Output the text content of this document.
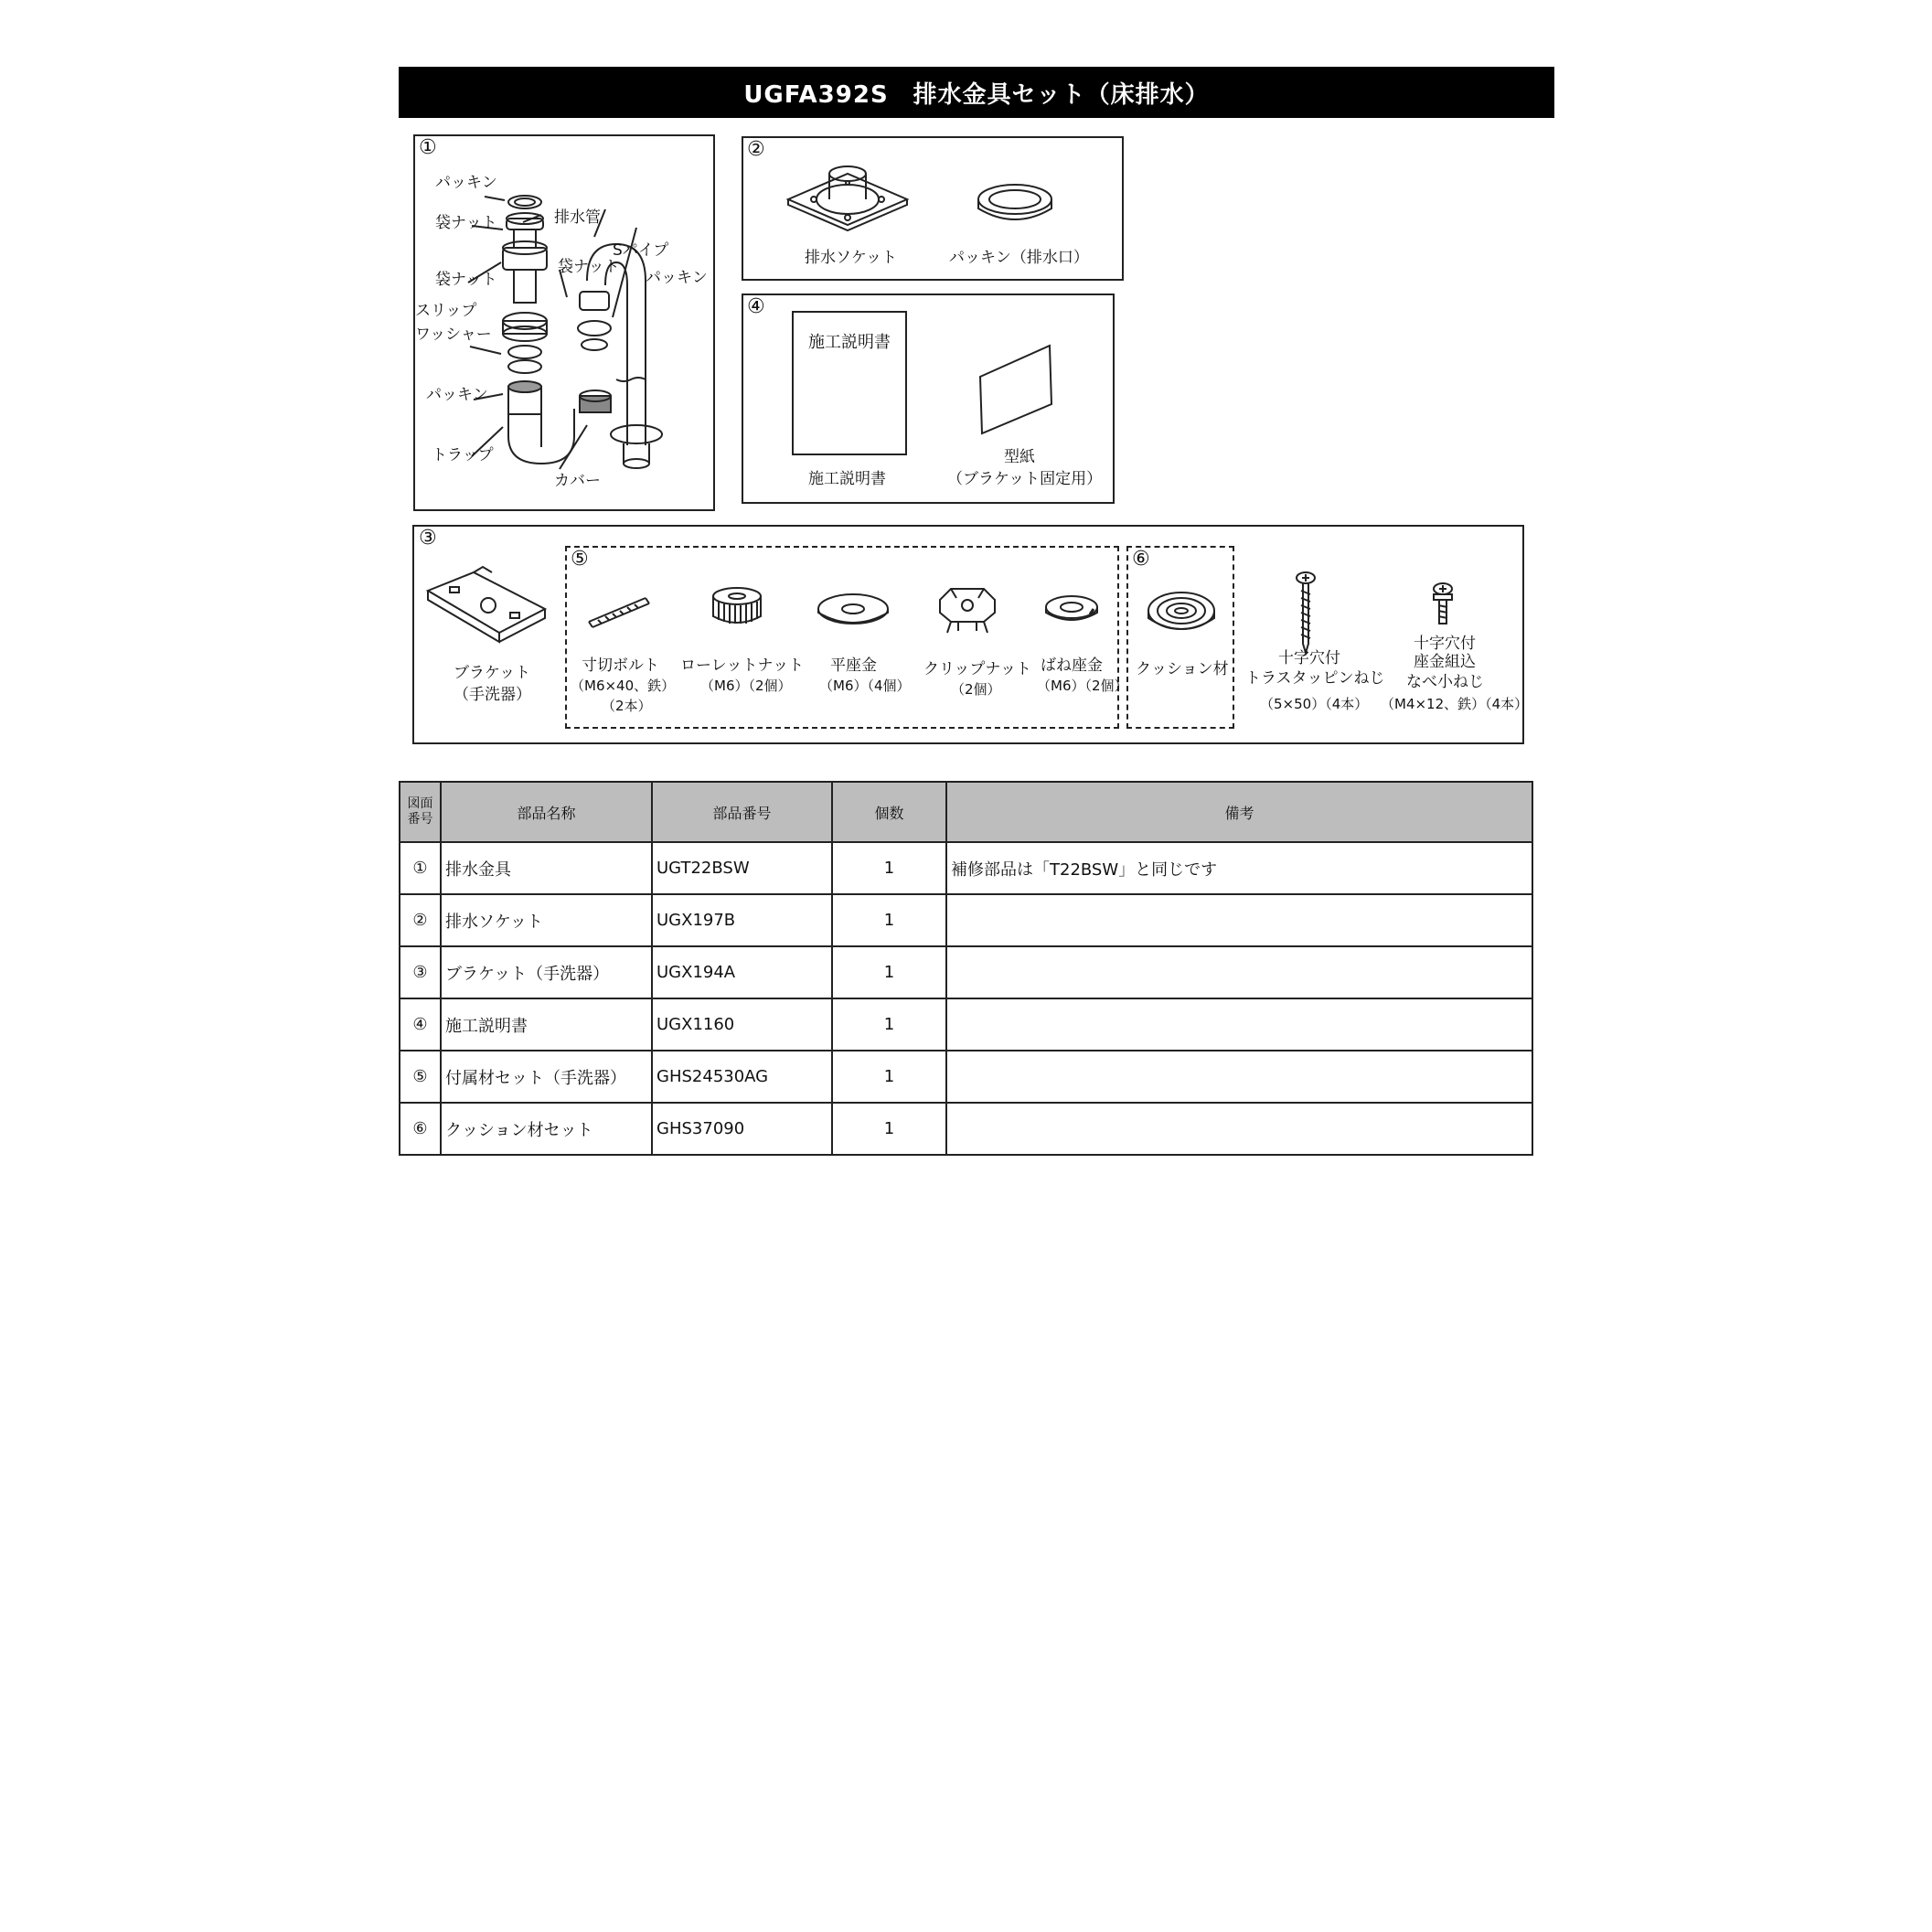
UGFA392S　排水金具セット（床排水）
①
パッキン
袋ナット	排水管
袋ナット
Sパイプ
袋ナット
パッキン
スリップ
ワッシャー
パッキン
トラップ
カバー
②
排水ソケット	パッキン（排水口）
④
施工説明書
施工説明書
型紙
（ブラケット固定用）
③
ブラケット
（手洗器）
⑤
寸切ボルト
（M6×40、鉄）
（2本）
ローレットナット
（M6）（2個）
平座金
（M6）（4個）
クリップナット
（2個）
ばね座金
（M6）（2個）
⑥
クッション材
十字穴付
トラスタッピンねじ
（5×50）（4本）
十字穴付
座金組込
なべ小ねじ
（M4×12、鉄）（4本）
図面
番号	部品名称	部品番号	個数	備考
①	排水金具	UGT22BSW	1	補修部品は「T22BSW」と同じです
②	排水ソケット	UGX197B	1	
③	ブラケット（手洗器）	UGX194A	1	
④	施工説明書	UGX1160	1	
⑤	付属材セット（手洗器）	GHS24530AG	1	
⑥	クッション材セット	GHS37090	1	
